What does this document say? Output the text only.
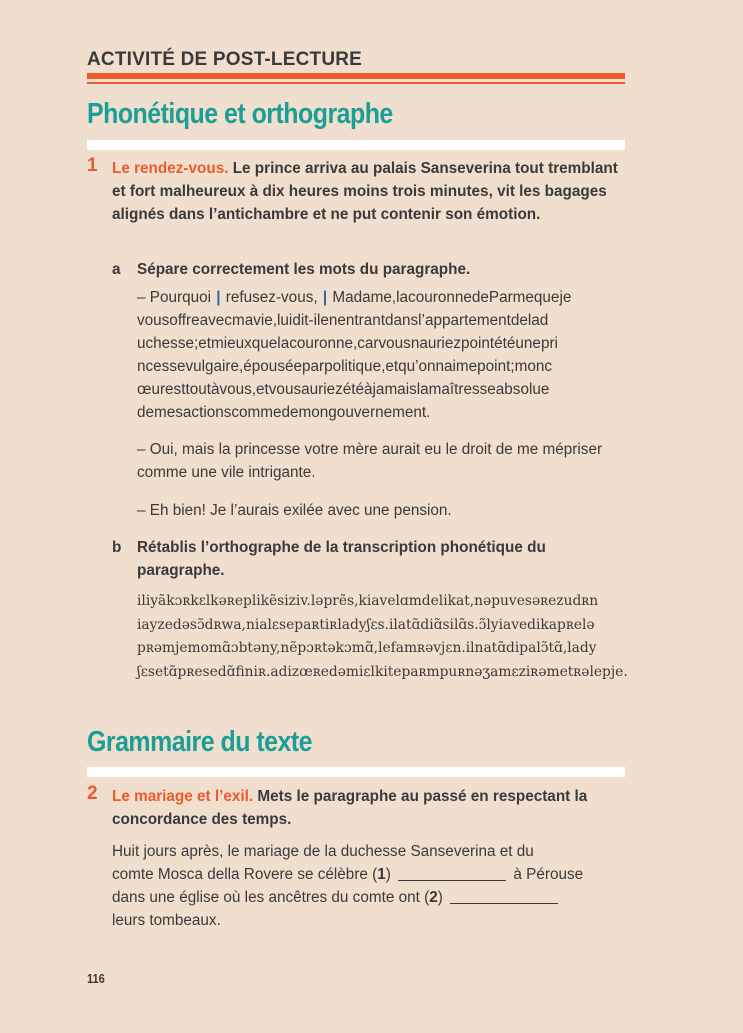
ACTIVITÉ DE POST-LECTURE
Phonétique et orthographe
1 Le rendez-vous. Le prince arriva au palais Sanseverina tout tremblant et fort malheureux à dix heures moins trois minutes, vit les bagages alignés dans l’antichambre et ne put contenir son émotion.
a Sépare correctement les mots du paragraphe.
– Pourquoi | refusez-vous, | Madame,lacouronnedeParmequeje
vousoffreavecmavie,luidit-ilenentrantdansl’appartementdelad
uchesse;etmieuxquelacouronne,carvousnauriezpointétéunepri
ncessevulgaire,épouséeparpolitique,etqu’onnaimepoint;monc
œuresttoutàvous,etvousauriezétéàjamaislamaîtresseabsolue
demesactionscommedemongouvernement.
– Oui, mais la princesse votre mère aurait eu le droit de me mépriser comme une vile intrigante.
– Eh bien! Je l’aurais exilée avec une pension.
b Rétablis l’orthographe de la transcription phonétique du paragraphe.
iliyãkɔʀkɛlkəʀeplikẽsiziv.ləprẽs,kiavelɑmdelikat,nəpuvesəʀezudʀn
iayzedəsɔ̃dʀwa,nialεsepaʀtiʀladyʃεs.ilatɑ̃diɑ̃silɑ̃s.ɔ̃lyiavedikapʀelə
pʀəmjemomɑ̃ɔbtəny,nẽpɔʀtəkɔmɑ̃,lefamʀəvjεn.ilnatɑ̃dipalɔ̃tɑ̃,lady
ʃεsetɑ̃pʀesedɑ̃finiʀ.adizœʀedəmiεlkitepaʀmpuʀnəʒamεziʀəmetʀəlepje.
Grammaire du texte
2 Le mariage et l’exil. Mets le paragraphe au passé en respectant la concordance des temps.
Huit jours après, le mariage de la duchesse Sanseverina et du
comte Mosca della Rovere se célèbre (1)	à Pérouse
dans une église où les ancêtres du comte ont (2)
leurs tombeaux.
116
